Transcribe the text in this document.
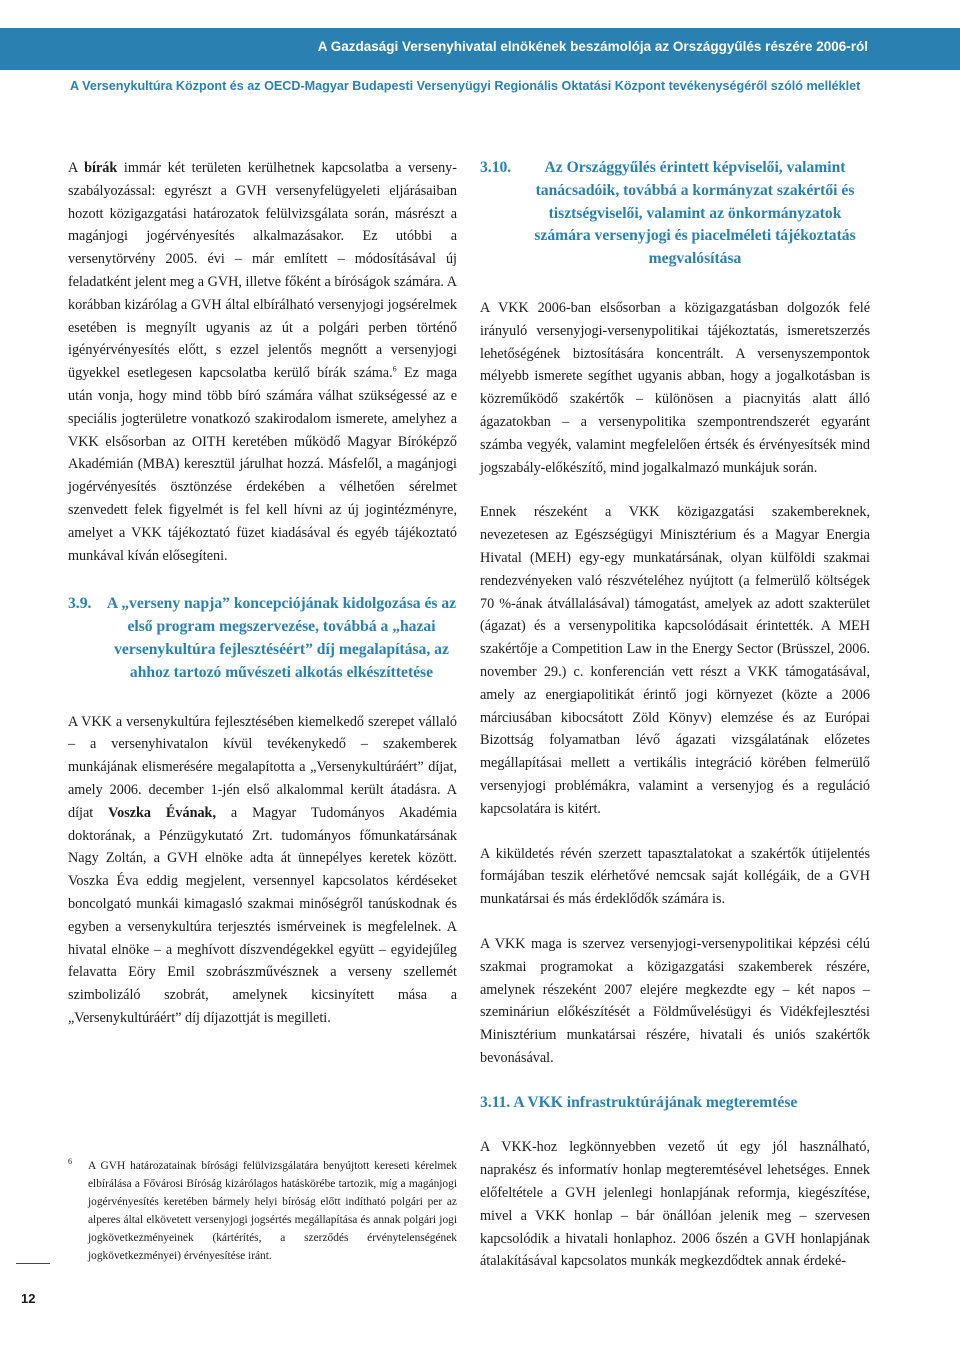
A Gazdasági Versenyhivatal elnökének beszámolója az Országgyűlés részére 2006-ról
A Versenykultúra Központ és az OECD-Magyar Budapesti Versenyügyi Regionális Oktatási Központ tevékenységéről szóló melléklet

A bírák immár két területen kerülhetnek kapcsolatba a verseny-szabályozással: egyrészt a GVH versenyfelügyeleti eljárásaiban hozott közigazgatási határozatok felülvizsgálata során, másrészt a magánjogi jogérvényesítés alkalmazásakor. Ez utóbbi a versenytörvény 2005. évi – már említett – módosításával új feladatként jelent meg a GVH, illetve főként a bíróságok számára. A korábban kizárólag a GVH által elbírálható versenyjogi jogsérelmek esetében is megnyílt ugyanis az út a polgári perben történő igényérvényesítés előtt, s ezzel jelentős megnőtt a versenyjogi ügyekkel esetlegesen kapcsolatba kerülő bírák száma.$^6$ Ez maga után vonja, hogy mind több bíró számára válhat szükségessé az e speciális jogterületre vonatkozó szakirodalom ismerete, amelyhez a VKK elsősorban az OITH keretében működő Magyar Bíróképző Akadémián (MBA) keresztül járulhat hozzá. Másfelől, a magánjogi jogérvényesítés ösztönzése érdekében a vélhetően sérelmet szenvedett felek figyelmét is fel kell hívni az új jogintézményre, amelyet a VKK tájékoztató füzet kiadásával és egyéb tájékoztató munkával kíván elősegíteni.

3.9. A „verseny napja” koncepciójának kidolgozása és az első program megszervezése, továbbá a „hazai versenykultúra fejlesztéséért” díj megalapítása, az ahhoz tartozó művészeti alkotás elkészíttetése

A VKK a versenykultúra fejlesztésében kiemelkedő szerepet vállaló – a versenyhivatalon kívül tevékenykedő – szakemberek munkájának elismerésére megalapította a „Versenykultúráért” díjat, amely 2006. december 1-jén első alkalommal került átadásra. A díjat Voszka Évának, a Magyar Tudományos Akadémia doktorának, a Pénzügykutató Zrt. tudományos főmunkatársának Nagy Zoltán, a GVH elnöke adta át ünnepélyes keretek között. Voszka Éva eddig megjelent, versennyel kapcsolatos kérdéseket boncolgató munkái kimagasló szakmai minőségről tanúskodnak és egyben a versenykultúra terjesztés ismérveinek is megfelelnek. A hivatal elnöke – a meghívott díszvendégekkel együtt – egyidejűleg felavatta Eöry Emil szobrászművésznek a verseny szellemét szimbolizáló szobrát, amelynek kicsinyített mása a „Versenykultúráért” díj díjazottját is megilleti.

6	A GVH határozatainak bírósági felülvizsgálatára benyújtott kereseti kérelmek elbírálása a Fővárosi Bíróság kizárólagos hatáskörébe tartozik, míg a magánjogi jogérvényesítés keretében bármely helyi bíróság előtt indítható polgári per az alperes által elkövetett versenyjogi jogsértés megállapítása és annak polgári jogi jogkövetkezményeinek (kártérítés, a szerződés érvénytelenségének jogkövetkezményei) érvényesítése iránt.

3.10. Az Országgyűlés érintett képviselői, valamint tanácsadóik, továbbá a kormányzat szakértői és tisztségviselői, valamint az önkormányzatok számára versenyjogi és piacelméleti tájékoztatás megvalósítása

A VKK 2006-ban elsősorban a közigazgatásban dolgozók felé irányuló versenyjogi-versenypolitikai tájékoztatás, ismeretszerzés lehetőségének biztosítására koncentrált. A versenyszempontok mélyebb ismerete segíthet ugyanis abban, hogy a jogalkotásban is közreműködő szakértők – különösen a piacnyitás alatt álló ágazatokban – a versenypolitika szempontrendszerét egyaránt számba vegyék, valamint megfelelően értsék és érvényesítsék mind jogszabály-előkészítő, mind jogalkalmazó munkájuk során.

Ennek részeként a VKK közigazgatási szakembereknek, nevezetesen az Egészségügyi Minisztérium és a Magyar Energia Hivatal (MEH) egy-egy munkatársának, olyan külföldi szakmai rendezvényeken való részvételéhez nyújtott (a felmerülő költségek 70 %-ának átvállalásával) támogatást, amelyek az adott szakterület (ágazat) és a versenypolitika kapcsolódásait érintették. A MEH szakértője a Competition Law in the Energy Sector (Brüsszel, 2006. november 29.) c. konferencián vett részt a VKK támogatásával, amely az energiapolitikát érintő jogi környezet (közte a 2006 márciusában kibocsátott Zöld Könyv) elemzése és az Európai Bizottság folyamatban lévő ágazati vizsgálatának előzetes megállapításai mellett a vertikális integráció körében felmerülő versenyjogi problémákra, valamint a versenyjog és a reguláció kapcsolatára is kitért.

A kiküldetés révén szerzett tapasztalatokat a szakértők útijelentés formájában teszik elérhetővé nemcsak saját kollégáik, de a GVH munkatársai és más érdeklődők számára is.

A VKK maga is szervez versenyjogi-versenypolitikai képzési célú szakmai programokat a közigazgatási szakemberek részére, amelynek részeként 2007 elejére megkezdte egy – két napos – szemináriun előkészítését a Földművelésügyi és Vidékfejlesztési Minisztérium munkatársai részére, hivatali és uniós szakértők bevonásával.

3.11. A VKK infrastruktúrájának megteremtése

A VKK-hoz legkönnyebben vezető út egy jól használható, naprakész és informatív honlap megteremtésével lehetséges. Ennek előfeltétele a GVH jelenlegi honlapjának reformja, kiegészítése, mivel a VKK honlap – bár önállóan jelenik meg – szervesen kapcsolódik a hivatali honlaphoz. 2006 őszén a GVH honlapjának átalakításával kapcsolatos munkák megkezdődtek annak érdeké-

12
